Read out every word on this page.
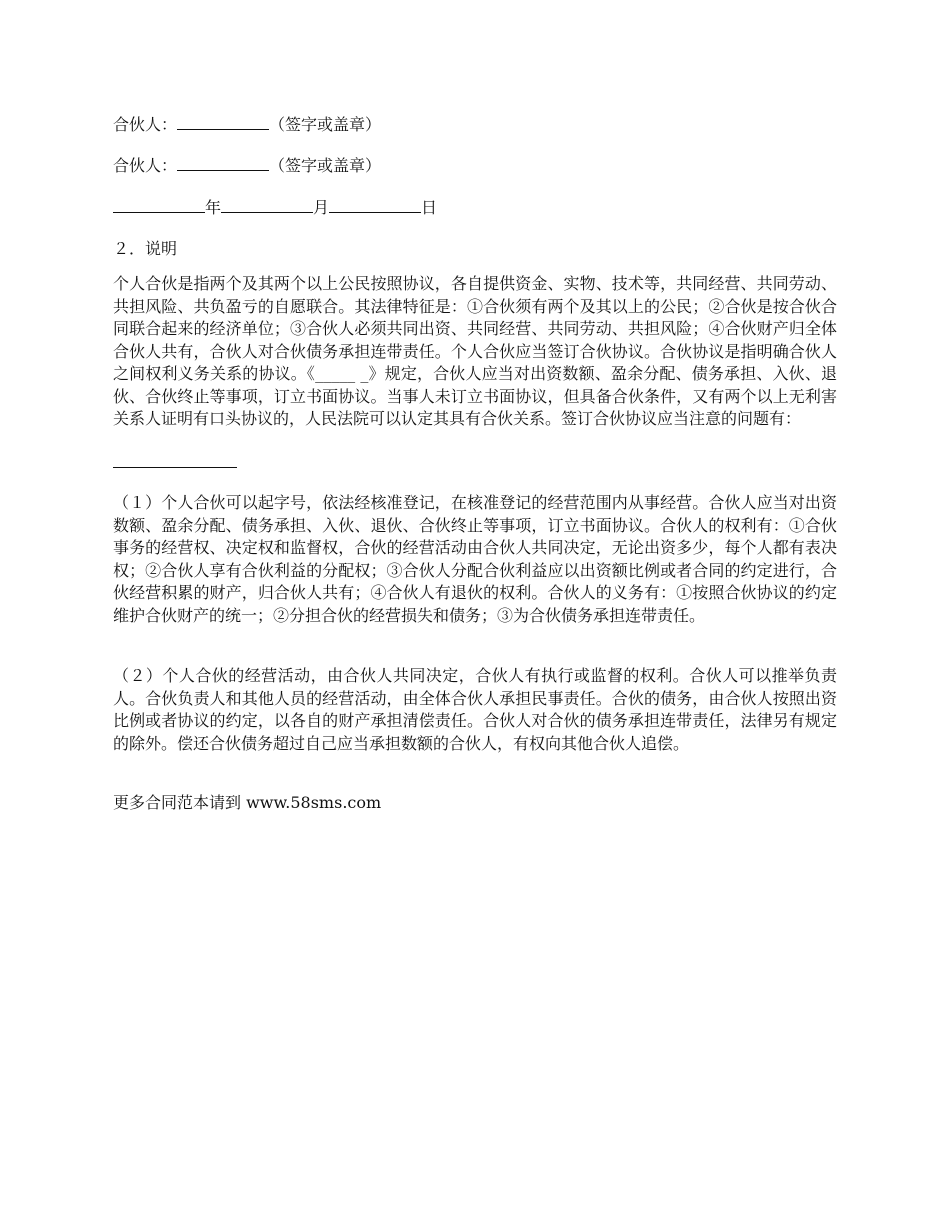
合伙人：	（签字或盖章）
合伙人：	（签字或盖章）
年	月	日
２．说明

个人合伙是指两个及其两个以上公民按照协议，各自提供资金、实物、技术等，共同经营、共同劳动、共担风险、共负盈亏的自愿联合。其法律特征是：①合伙须有两个及其以上的公民；②合伙是按合伙合同联合起来的经济单位；③合伙人必须共同出资、共同经营、共同劳动、共担风险；④合伙财产归全体合伙人共有，合伙人对合伙债务承担连带责任。个人合伙应当签订合伙协议。合伙协议是指明确合伙人之间权利义务关系的协议。《_____ _》规定，合伙人应当对出资数额、盈余分配、债务承担、入伙、退伙、合伙终止等事项，订立书面协议。当事人未订立书面协议，但具备合伙条件，又有两个以上无利害关系人证明有口头协议的，人民法院可以认定其具有合伙关系。签订合伙协议应当注意的问题有：

（１）个人合伙可以起字号，依法经核准登记，在核准登记的经营范围内从事经营。合伙人应当对出资数额、盈余分配、债务承担、入伙、退伙、合伙终止等事项，订立书面协议。合伙人的权利有：①合伙事务的经营权、决定权和监督权，合伙的经营活动由合伙人共同决定，无论出资多少，每个人都有表决权；②合伙人享有合伙利益的分配权；③合伙人分配合伙利益应以出资额比例或者合同的约定进行，合伙经营积累的财产，归合伙人共有；④合伙人有退伙的权利。合伙人的义务有：①按照合伙协议的约定维护合伙财产的统一；②分担合伙的经营损失和债务；③为合伙债务承担连带责任。

（２）个人合伙的经营活动，由合伙人共同决定，合伙人有执行或监督的权利。合伙人可以推举负责人。合伙负责人和其他人员的经营活动，由全体合伙人承担民事责任。合伙的债务，由合伙人按照出资比例或者协议的约定，以各自的财产承担清偿责任。合伙人对合伙的债务承担连带责任，法律另有规定的除外。偿还合伙债务超过自己应当承担数额的合伙人，有权向其他合伙人追偿。

更多合同范本请到 www.58sms.com
